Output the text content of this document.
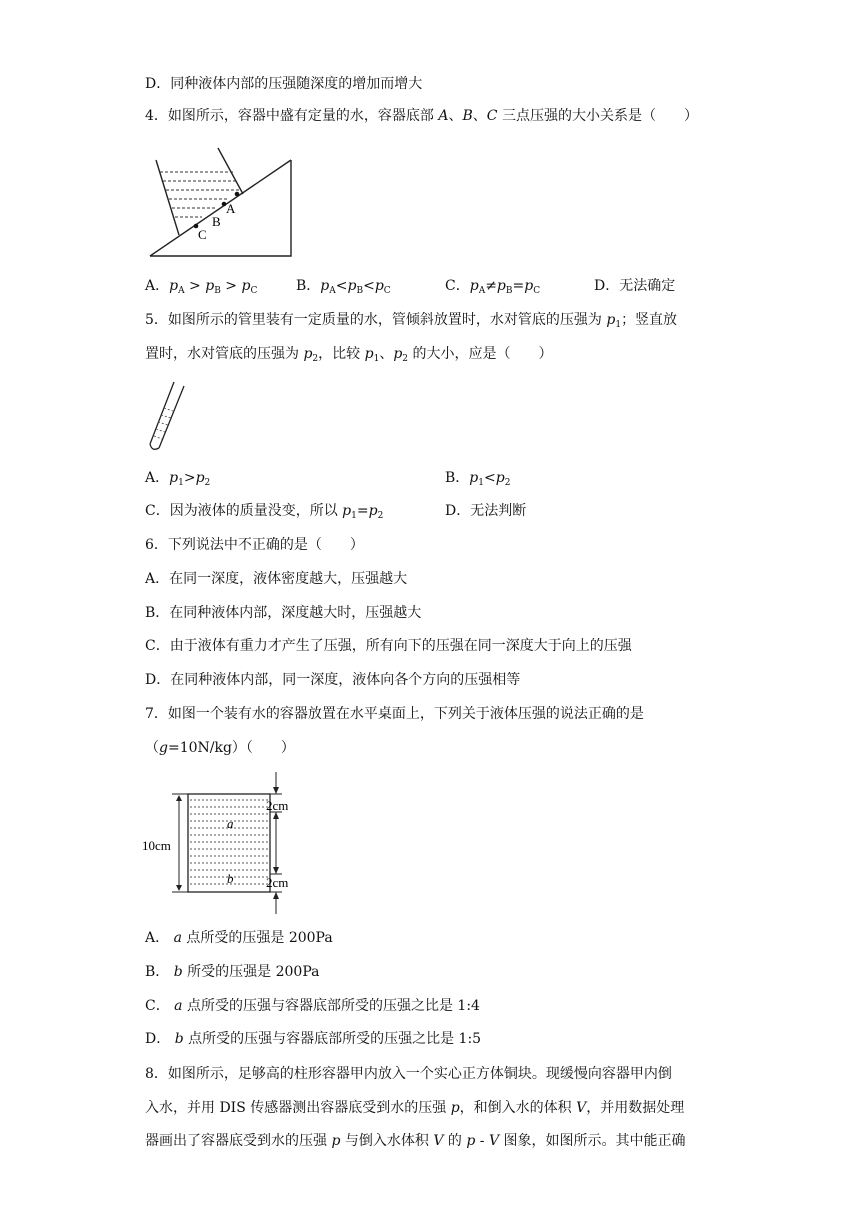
D．同种液体内部的压强随深度的增加而增大
4．如图所示，容器中盛有定量的水，容器底部 A、B、C 三点压强的大小关系是（　　）
A
B
C
A．$p_A > p_B > p_C$	B．$p_A<p_B<p_C$	C．$p_A\ne p_B=p_C$	D．无法确定
5．如图所示的管里装有一定质量的水，管倾斜放置时，水对管底的压强为 $p_1$；竖直放
置时，水对管底的压强为 $p_2$，比较 $p_1$、$p_2$ 的大小，应是（　　）
A．$p_1>p_2$	B．$p_1<p_2$
C．因为液体的质量没变，所以 $p_1=p_2$	D．无法判断
6．下列说法中不正确的是（　　）
A．在同一深度，液体密度越大，压强越大
B．在同种液体内部，深度越大时，压强越大
C．由于液体有重力才产生了压强，所有向下的压强在同一深度大于向上的压强
D．在同种液体内部，同一深度，液体向各个方向的压强相等
7．如图一个装有水的容器放置在水平桌面上，下列关于液体压强的说法正确的是
（g=10N/kg）（　　）
10cm
2cm
2cm
a
b
A． a 点所受的压强是 200Pa
B． b 所受的压强是 200Pa
C． a 点所受的压强与容器底部所受的压强之比是 1:4
D． b 点所受的压强与容器底部所受的压强之比是 1:5
8．如图所示，足够高的柱形容器甲内放入一个实心正方体铜块。现缓慢向容器甲内倒
入水，并用 DIS 传感器测出容器底受到水的压强 p，和倒入水的体积 V，并用数据处理
器画出了容器底受到水的压强 p 与倒入水体积 V 的 p - V 图象，如图所示。其中能正确
